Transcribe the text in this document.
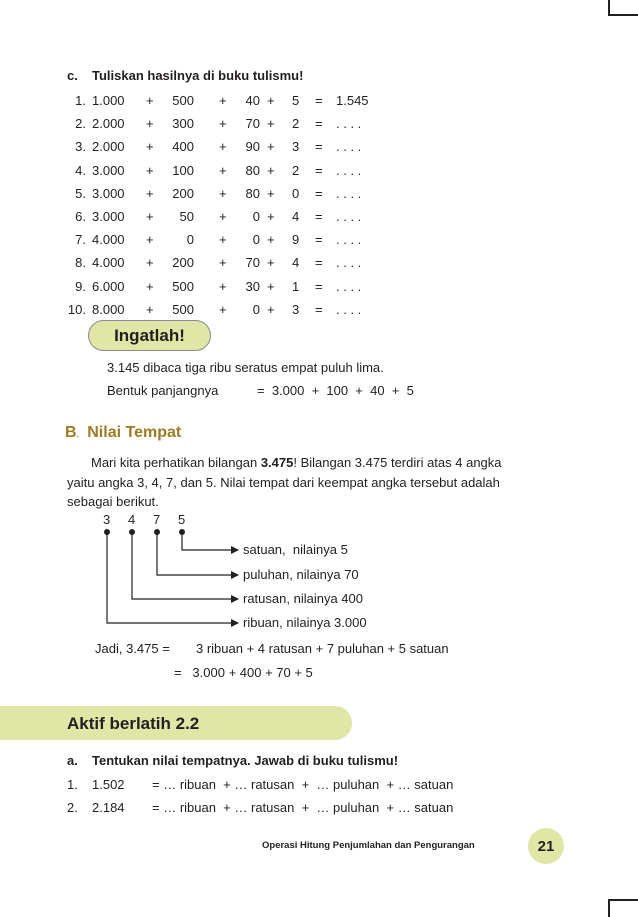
c. Tuliskan hasilnya di buku tulismu!
1. 1.000 +	500 +	40 + 5 = 1.545
2. 2.000 +	300 +	70 + 2 = . . . .
3. 2.000 +	400 +	90 + 3 = . . . .
4. 3.000 +	100 +	80 + 2 = . . . .
5. 3.000 +	200 +	80 + 0 = . . . .
6. 3.000 +	50 +	0 + 4 = . . . .
7. 4.000 +	0 +	0 + 9 = . . . .
8. 4.000 +	200 +	70 + 4 = . . . .
9. 6.000 +	500 +	30 + 1 = . . . .
10. 8.000 +	500 +	0 + 3 = . . . .
Ingatlah!
3.145 dibaca tiga ribu seratus empat puluh lima.
Bentuk panjangnya	=  3.000  +  100  +  40  +  5
B. Nilai Tempat
Mari kita perhatikan bilangan 3.475! Bilangan 3.475 terdiri atas 4 angka
yaitu angka 3, 4, 7, dan 5. Nilai tempat dari keempat angka tersebut adalah
sebagai berikut.
3 4 7 5
satuan,  nilainya 5
puluhan, nilainya 70
ratusan, nilainya 400
ribuan, nilainya 3.000
Jadi, 3.475 = 3 ribuan + 4 ratusan + 7 puluhan + 5 satuan
=   3.000 + 400 + 70 + 5
Aktif berlatih 2.2
a. Tentukan nilai tempatnya. Jawab di buku tulismu!
1. 1.502 = … ribuan  + … ratusan  +  … puluhan  + … satuan
2. 2.184 = … ribuan  + … ratusan  +  … puluhan  + … satuan
Operasi Hitung Penjumlahan dan Pengurangan	21
